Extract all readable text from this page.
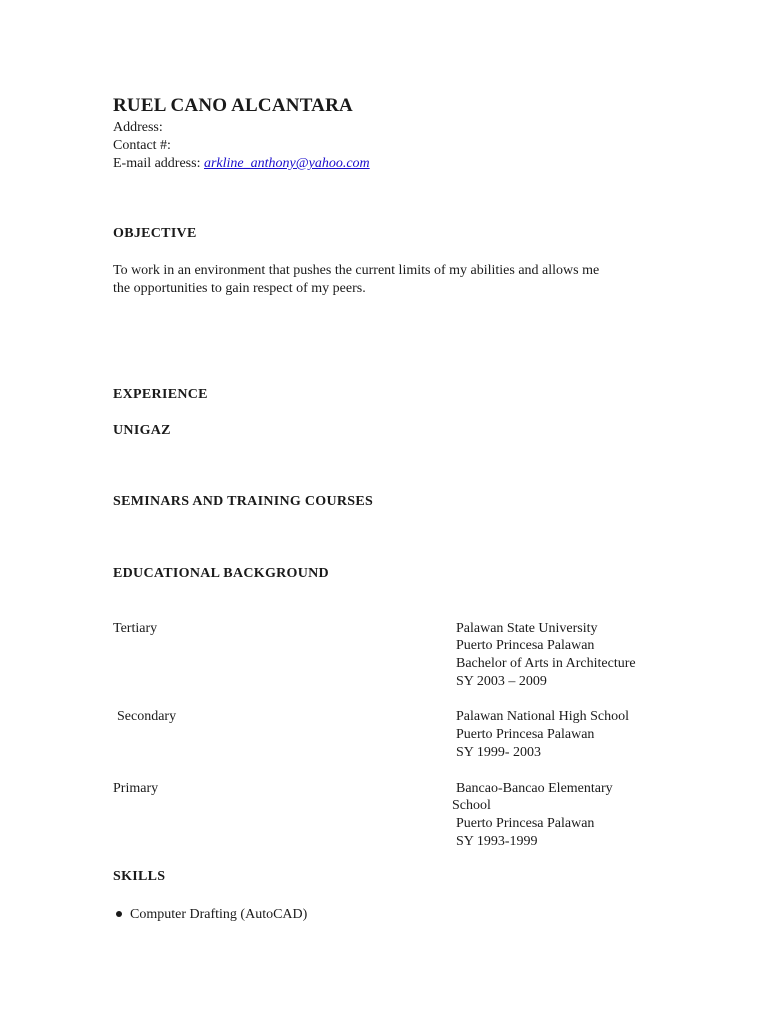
RUEL CANO ALCANTARA
Address:
Contact #:
E-mail address: arkline_anthony@yahoo.com
OBJECTIVE
To work in an environment that pushes the current limits of my abilities and allows me
the opportunities to gain respect of my peers.
EXPERIENCE
UNIGAZ
SEMINARS AND TRAINING COURSES
EDUCATIONAL BACKGROUND
Tertiary	Palawan State University
Puerto Princesa Palawan
Bachelor of Arts in Architecture
SY 2003 – 2009
Secondary	Palawan National High School
Puerto Princesa Palawan
SY 1999- 2003
Primary	Bancao-Bancao Elementary
School
Puerto Princesa Palawan
SY 1993-1999
SKILLS
Computer Drafting (AutoCAD)
